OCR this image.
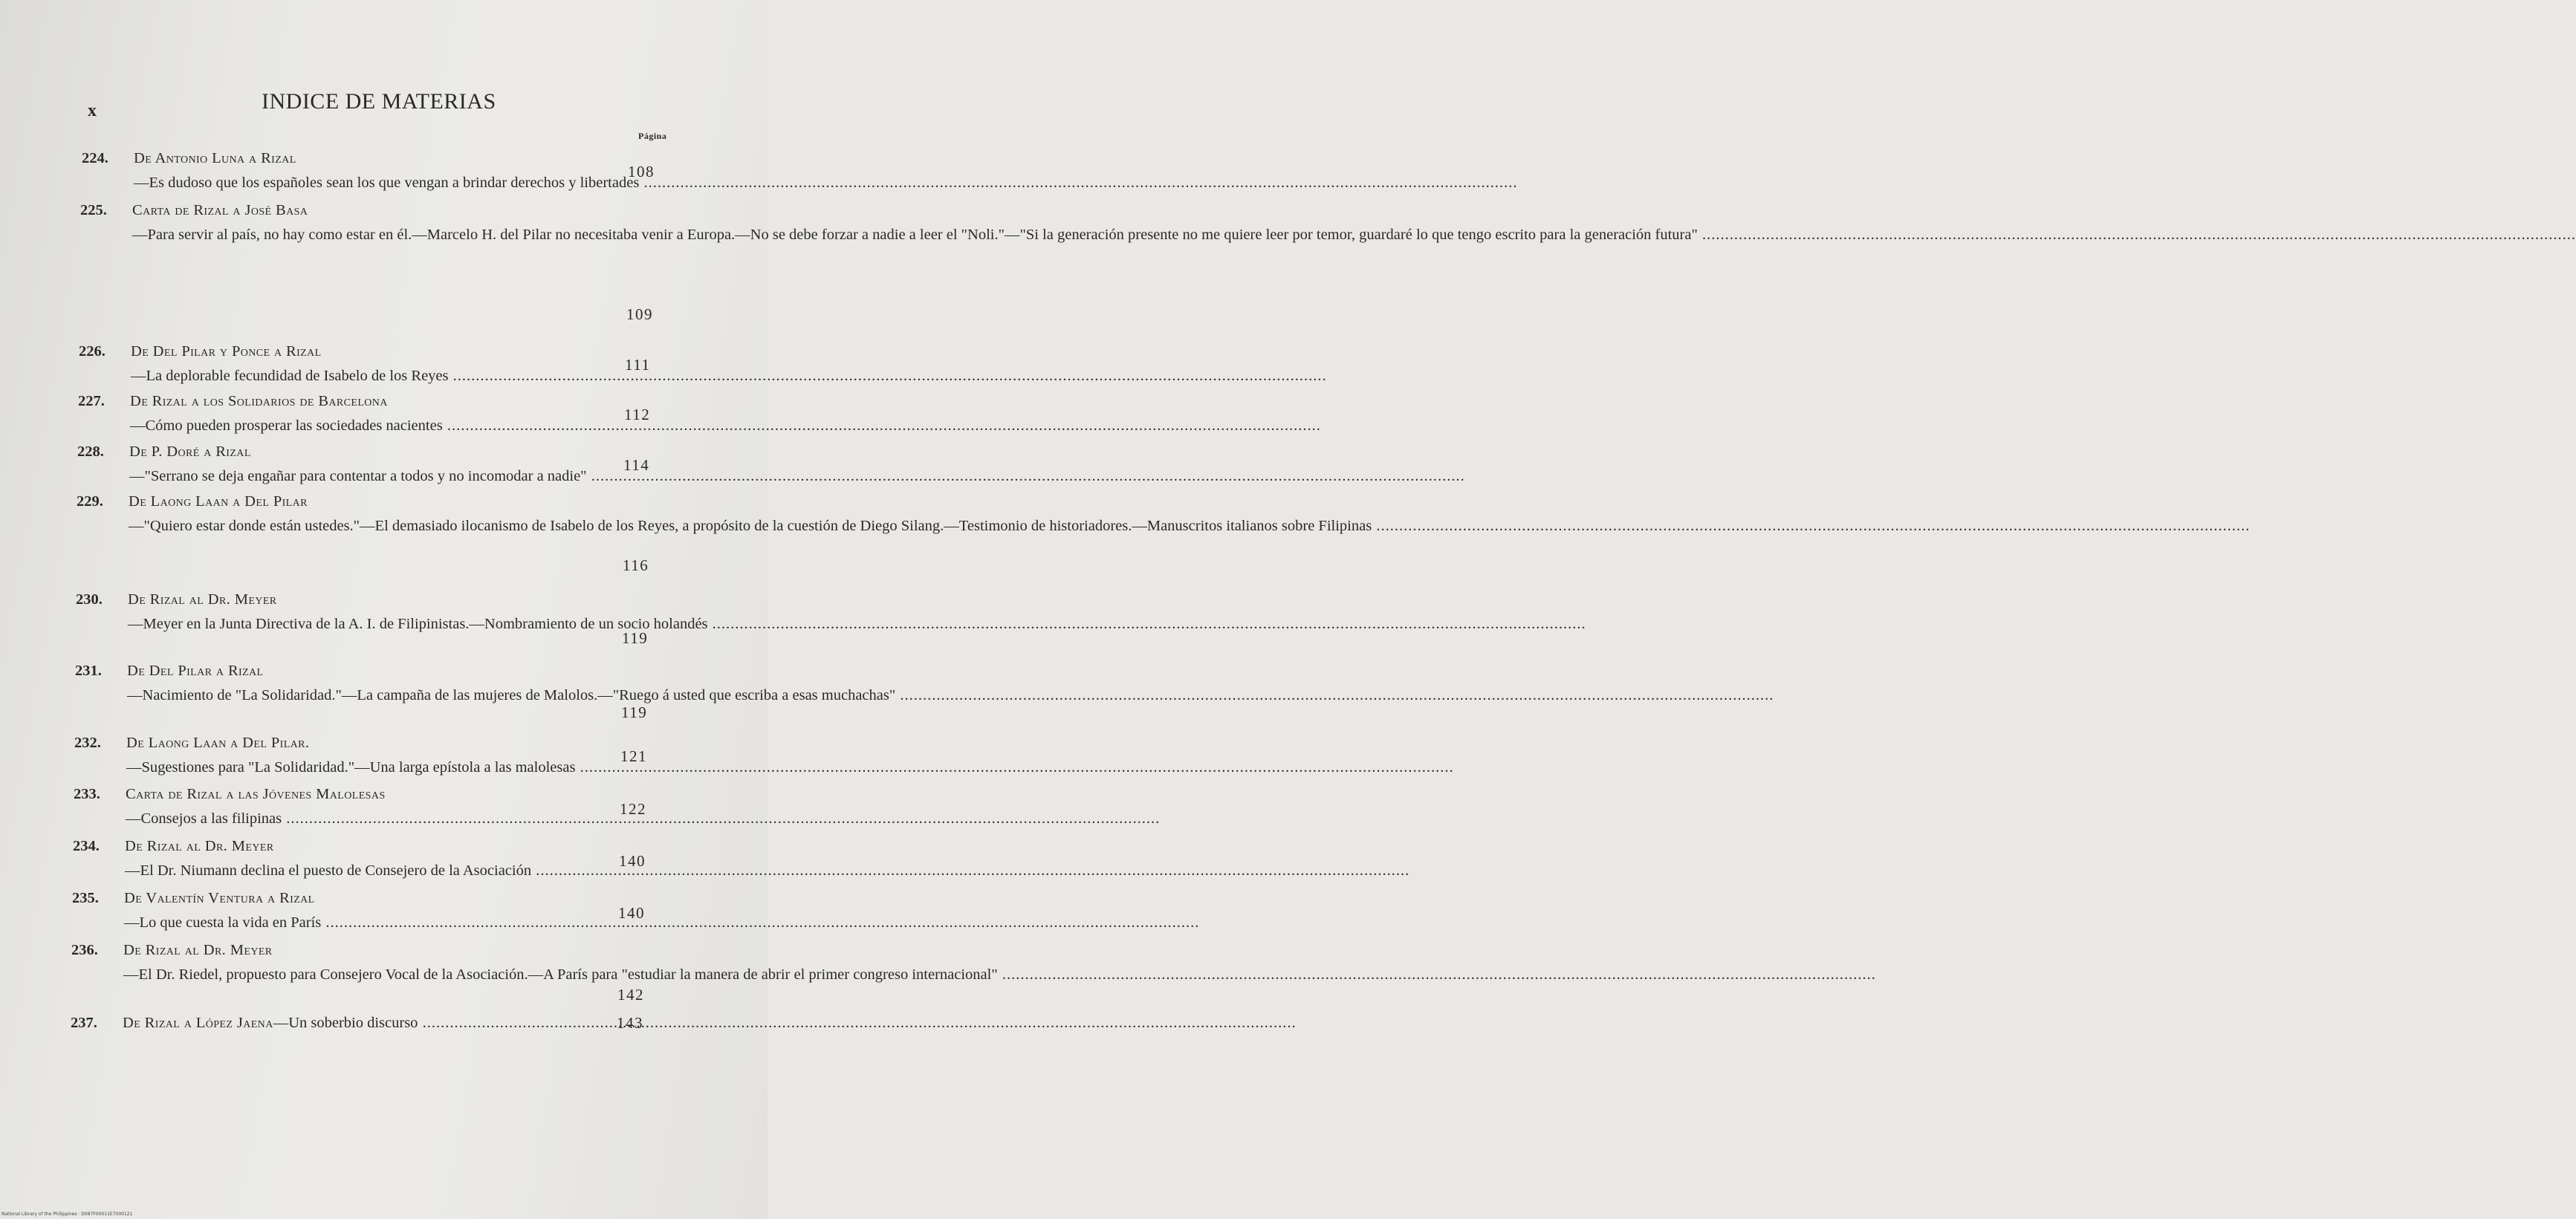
x	INDICE DE MATERIAS
Página
224. De Antonio Luna a Rizal
—Es dudoso que los españoles sean los que vengan a brindar derechos y libertades .....
108
225. Carta de Rizal a José Basa
—Para servir al país, no hay como estar en él.—Marcelo H. del Pilar no necesitaba venir a Europa.—No se debe forzar a nadie a leer el "Noli."—"Si la generación presente no me quiere leer por temor, guardaré lo que tengo escrito para la generación futura" .....
109
226. De Del Pilar y Ponce a Rizal
—La deplorable fecundidad de Isabelo de los Reyes .....
111
227. De Rizal a los Solidarios de Barcelona
—Cómo pueden prosperar las sociedades nacientes .....
112
228. De P. Doré a Rizal
—"Serrano se deja engañar para contentar a todos y no incomodar a nadie" .....
114
229. De Laong Laan a Del Pilar
—"Quiero estar donde están ustedes."—El demasiado ilocanismo de Isabelo de los Reyes, a propósito de la cuestión de Diego Silang.—Testimonio de historiadores.—Manuscritos italianos sobre Filipinas .....
116
230. De Rizal al Dr. Meyer
—Meyer en la Junta Directiva de la A. I. de Filipinistas.—Nombramiento de un socio holandés .....
119
231. De Del Pilar a Rizal
—Nacimiento de "La Solidaridad."—La campaña de las mujeres de Malolos.—"Ruego á usted que escriba a esas muchachas" .....
119
232. De Laong Laan a Del Pilar.
—Sugestiones para "La Solidaridad."—Una larga epístola a las malolesas .....
121
233. Carta de Rizal a las Jóvenes Malolesas
—Consejos a las filipinas .....
122
234. De Rizal al Dr. Meyer
—El Dr. Niumann declina el puesto de Consejero de la Asociación .....
140
235. De Valentín Ventura a Rizal
—Lo que cuesta la vida en París .....
140
236. De Rizal al Dr. Meyer
—El Dr. Riedel, propuesto para Consejero Vocal de la Asociación.—A París para "estudiar la manera de abrir el primer congreso internacional" .....
142
237. De Rizal a López Jaena—Un soberbio discurso .....	143
National Library of the Philippines · D087F00011E7000121
